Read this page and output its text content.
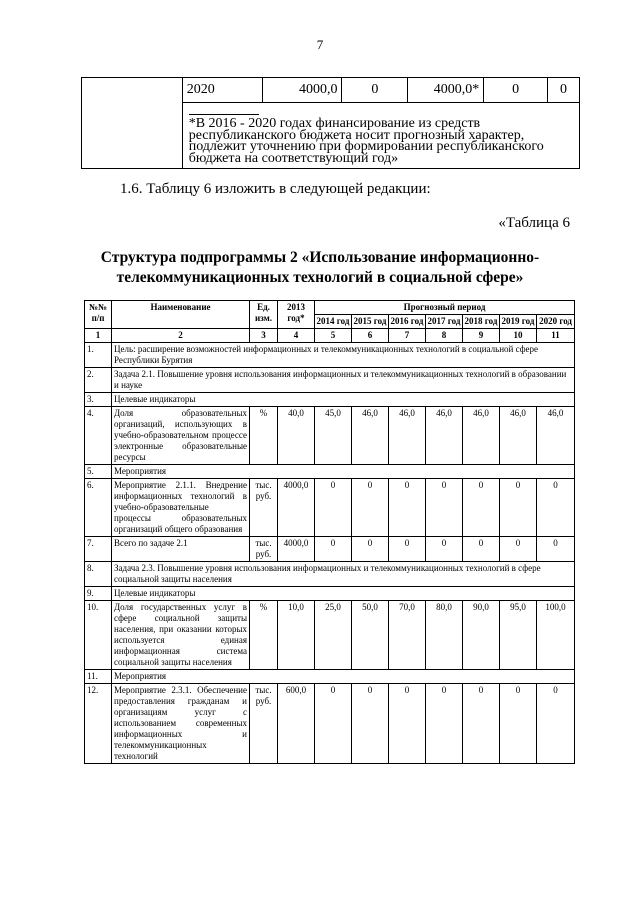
7
	2020	4000,0	0	4000,0*	0	0

*В 2016 - 2020 годах финансирование из средств республиканского бюджета носит прогнозный характер, подлежит уточнению при формировании республиканского бюджета на соответствующий год»
1.6. Таблицу 6 изложить в следующей редакции:
«Таблица 6
Структура подпрограммы 2 «Использование информационно-
телекоммуникационных технологий в социальной сфере»
№№ п/п	Наименование	Ед. изм.	2013 год*	Прогнозный период						
				2014 год	2015 год	2016 год	2017 год	2018 год	2019 год	2020 год
1	2	3	4	5	6	7	8	9	10	11
1.	Цель: расширение возможностей информационных и телекоммуникационных технологий в социальной сфере Республики Бурятия									
2.	Задача 2.1. Повышение уровня использования информационных и телекоммуникационных технологий в образовании и науке									
3.	Целевые индикаторы									
4.	Доля образовательных организаций, использующих в учебно-образовательном процессе электронные образовательные ресурсы	%	40,0	45,0	46,0	46,0	46,0	46,0	46,0	46,0
5.	Мероприятия									
6.	Мероприятие 2.1.1. Внедрение информационных технологий в учебно-образовательные процессы образовательных организаций общего образования	тыс. руб.	4000,0	0	0	0	0	0	0	0
7.	Всего по задаче 2.1	тыс. руб.	4000,0	0	0	0	0	0	0	0
8.	Задача 2.3. Повышение уровня использования информационных и телекоммуникационных технологий в сфере социальной защиты населения									
9.	Целевые индикаторы									
10.	Доля государственных услуг в сфере социальной защиты населения, при оказании которых используется единая информационная система социальной защиты населения	%	10,0	25,0	50,0	70,0	80,0	90,0	95,0	100,0
11.	Мероприятия									
12.	Мероприятие 2.3.1. Обеспечение предоставления гражданам и организациям услуг с использованием современных информационных и телекоммуникационных технологий	тыс. руб.	600,0	0	0	0	0	0	0	0
